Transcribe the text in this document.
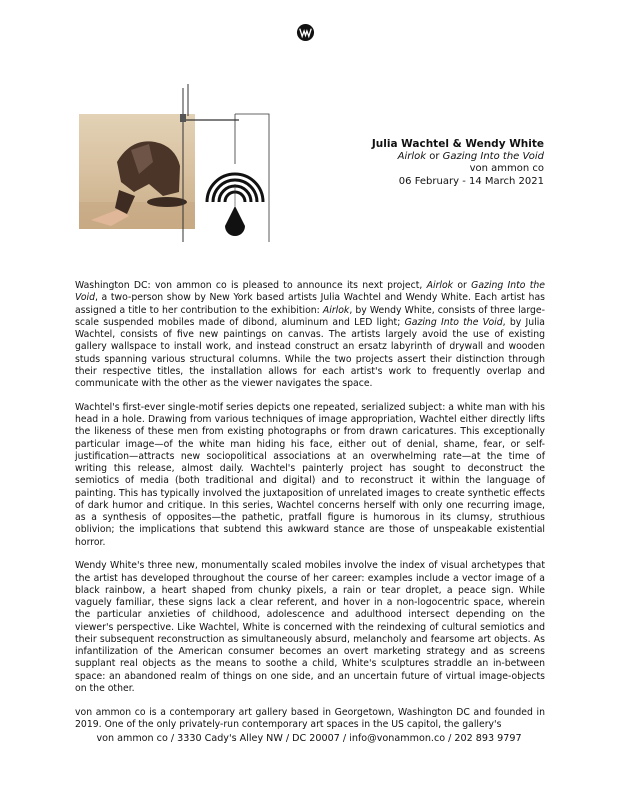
Julia Wachtel & Wendy White
Airlok or Gazing Into the Void
von ammon co
06 February - 14 March 2021

Washington DC: von ammon co is pleased to announce its next project, Airlok or Gazing Into the Void, a two-person show by New York based artists Julia Wachtel and Wendy White. Each artist has assigned a title to her contribution to the exhibition: Airlok, by Wendy White, consists of three large-scale suspended mobiles made of dibond, aluminum and LED light; Gazing Into the Void, by Julia Wachtel, consists of five new paintings on canvas. The artists largely avoid the use of existing gallery wallspace to install work, and instead construct an ersatz labyrinth of drywall and wooden studs spanning various structural columns. While the two projects assert their distinction through their respective titles, the installation allows for each artist's work to frequently overlap and communicate with the other as the viewer navigates the space.

Wachtel's first-ever single-motif series depicts one repeated, serialized subject: a white man with his head in a hole. Drawing from various techniques of image appropriation, Wachtel either directly lifts the likeness of these men from existing photographs or from drawn caricatures. This exceptionally particular image—of the white man hiding his face, either out of denial, shame, fear, or self-justification—attracts new sociopolitical associations at an overwhelming rate—at the time of writing this release, almost daily. Wachtel's painterly project has sought to deconstruct the semiotics of media (both traditional and digital) and to reconstruct it within the language of painting. This has typically involved the juxtaposition of unrelated images to create synthetic effects of dark humor and critique. In this series, Wachtel concerns herself with only one recurring image, as a synthesis of opposites—the pathetic, pratfall figure is humorous in its clumsy, struthious oblivion; the implications that subtend this awkward stance are those of unspeakable existential horror.

Wendy White's three new, monumentally scaled mobiles involve the index of visual archetypes that the artist has developed throughout the course of her career: examples include a vector image of a black rainbow, a heart shaped from chunky pixels, a rain or tear droplet, a peace sign. While vaguely familiar, these signs lack a clear referent, and hover in a non-logocentric space, wherein the particular anxieties of childhood, adolescence and adulthood intersect depending on the viewer's perspective. Like Wachtel, White is concerned with the reindexing of cultural semiotics and their subsequent reconstruction as simultaneously absurd, melancholy and fearsome art objects. As infantilization of the American consumer becomes an overt marketing strategy and as screens supplant real objects as the means to soothe a child, White's sculptures straddle an in-between space: an abandoned realm of things on one side, and an uncertain future of virtual image-objects on the other.

von ammon co is a contemporary art gallery based in Georgetown, Washington DC and founded in 2019. One of the only privately-run contemporary art spaces in the US capitol, the gallery's

von ammon co / 3330 Cady's Alley NW / DC 20007 / info@vonammon.co / 202 893 9797
